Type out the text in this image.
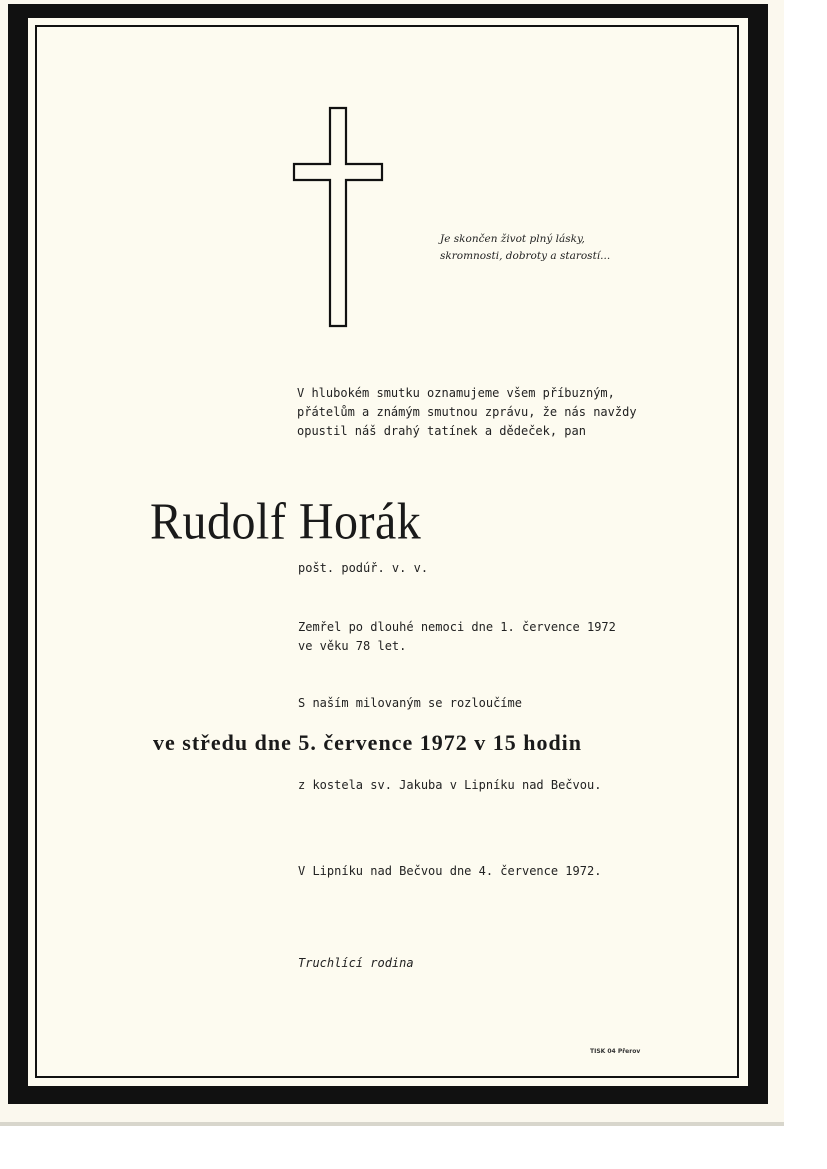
Je skončen život plný lásky,
skromnosti, dobroty a starostí...
V hlubokém smutku oznamujeme všem příbuzným,
přátelům a známým smutnou zprávu, že nás navždy
opustil náš drahý tatínek a dědeček, pan
Rudolf Horák
pošt. podúř. v. v.
Zemřel po dlouhé nemoci dne 1. července 1972
ve věku 78 let.
S naším milovaným se rozloučíme
ve středu dne 5. července 1972 v 15 hodin
z kostela sv. Jakuba v Lipníku nad Bečvou.
V Lipníku nad Bečvou dne 4. července 1972.
Truchlící rodina
TISK 04 Přerov
